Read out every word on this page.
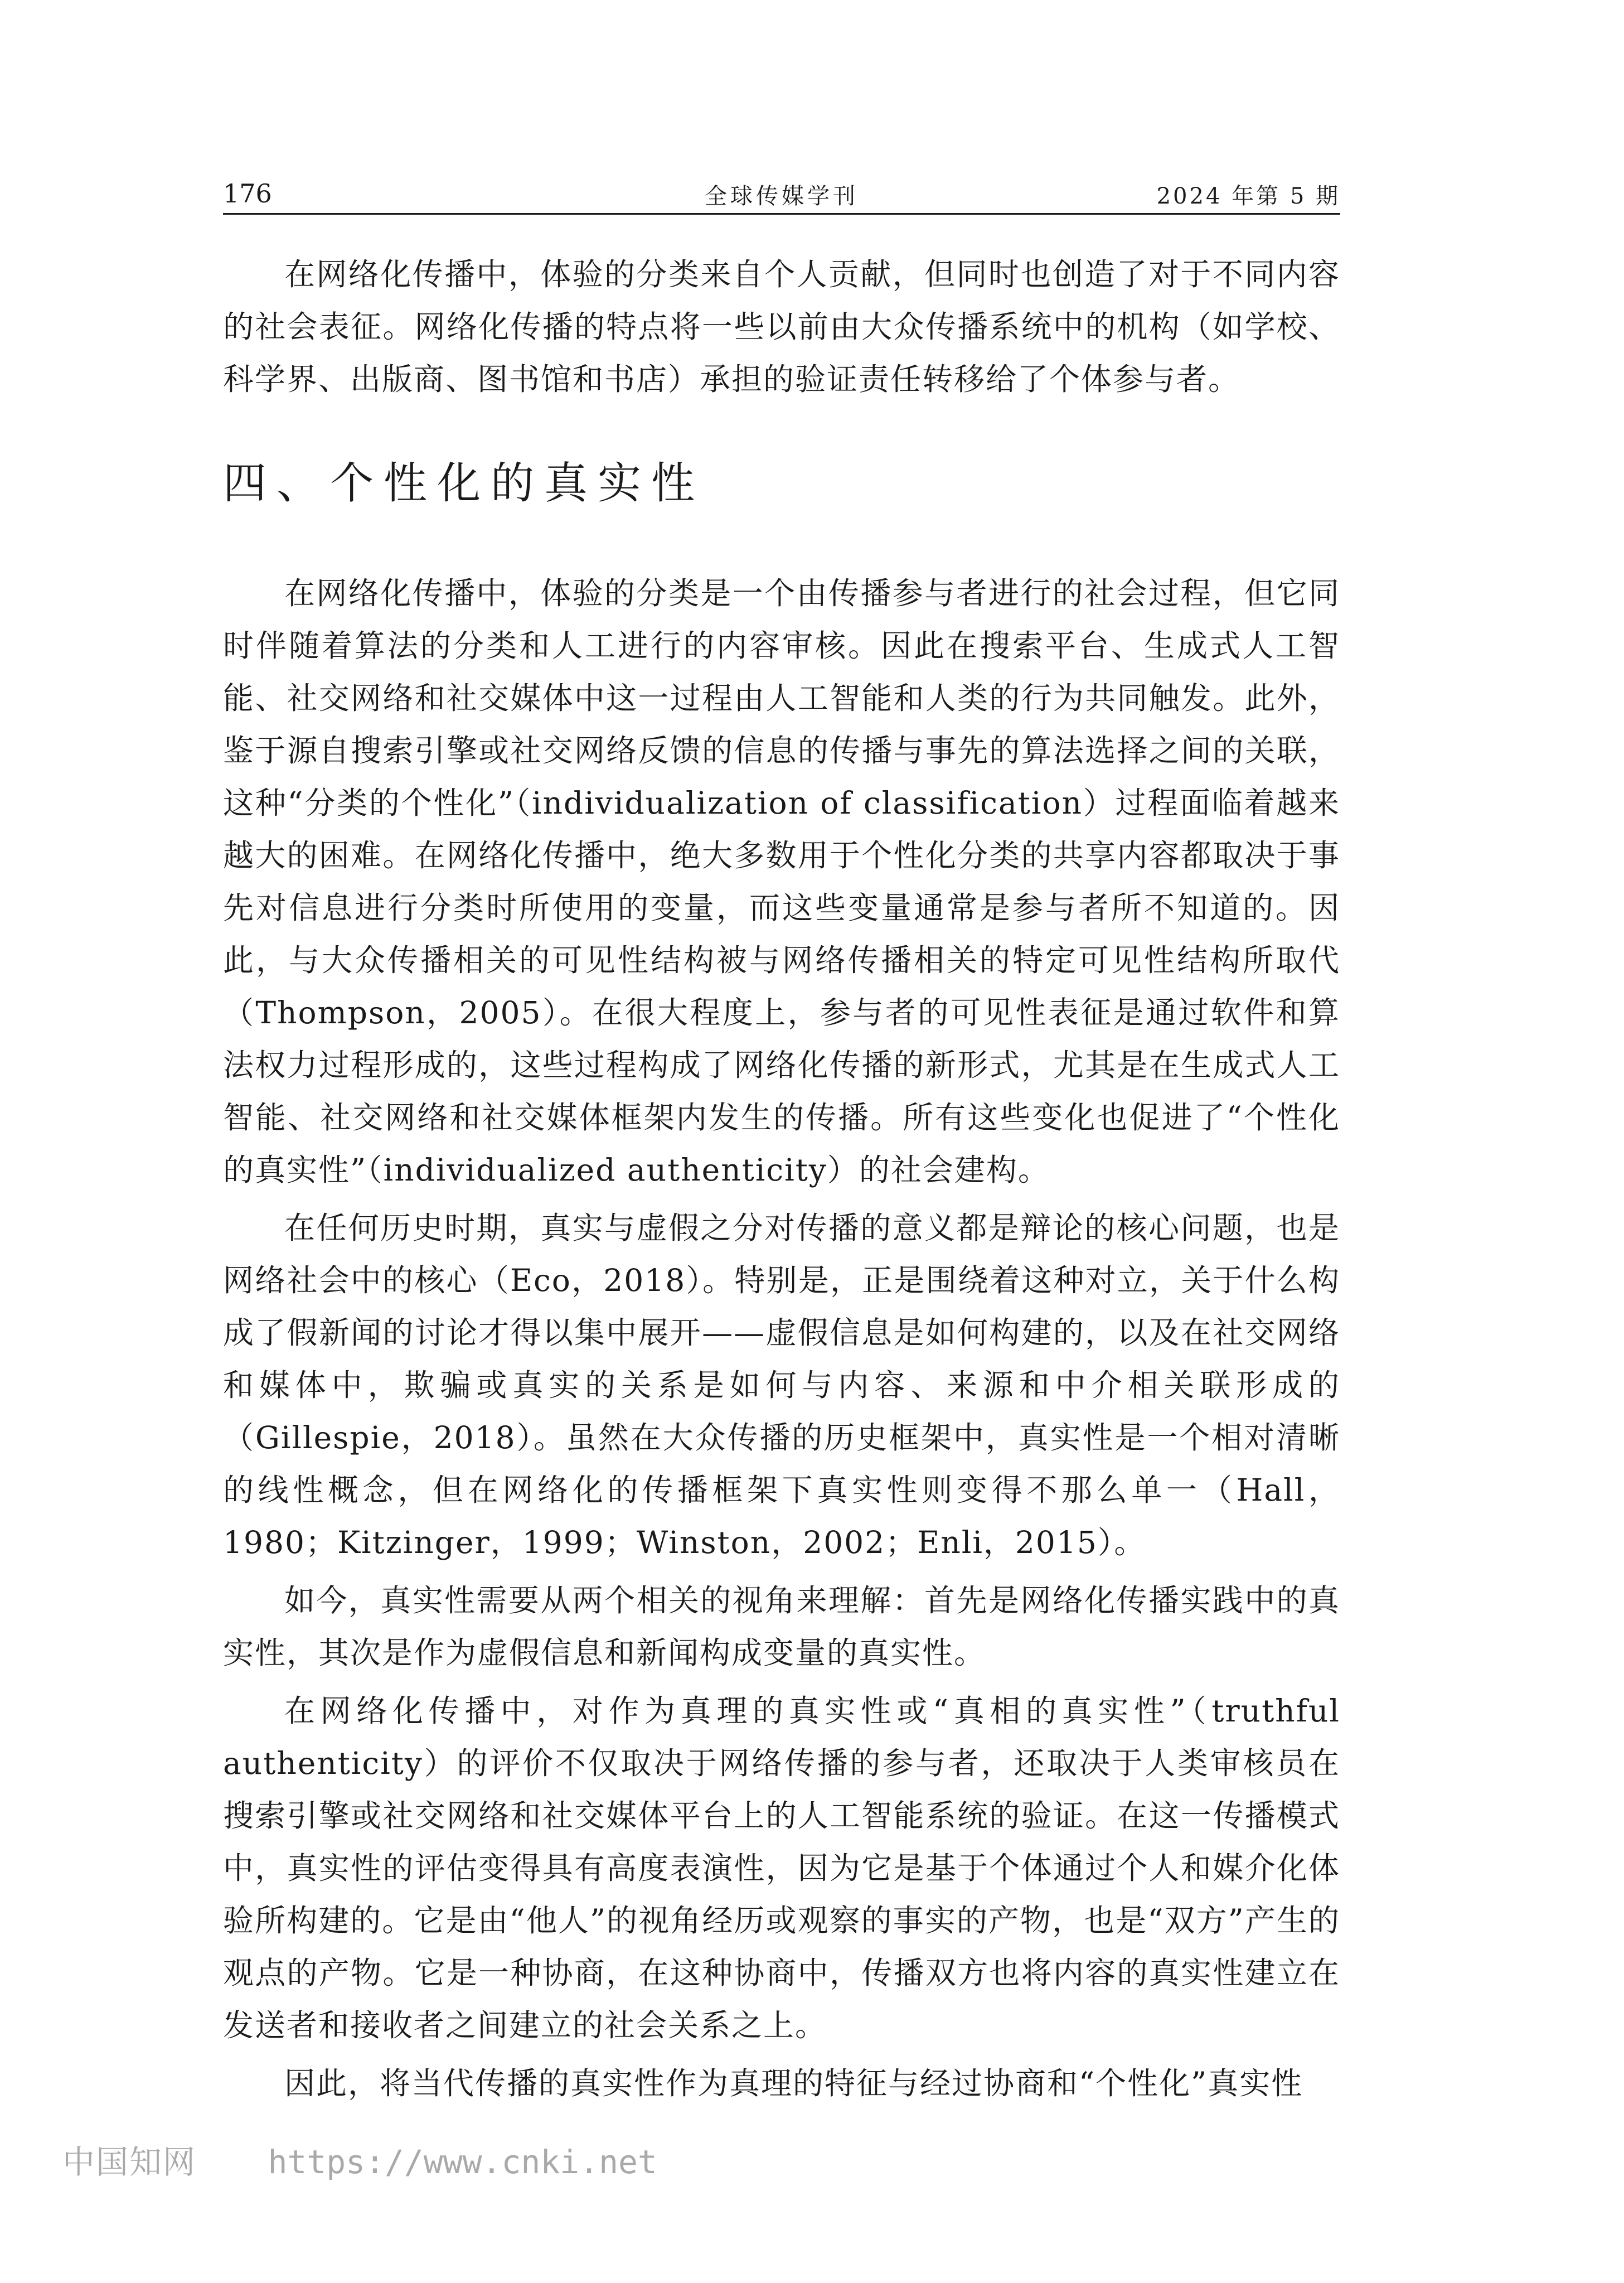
176	全球传媒学刊	2024 年第 5 期

在网络化传播中，体验的分类来自个人贡献，但同时也创造了对于不同内容的社会表征。网络化传播的特点将一些以前由大众传播系统中的机构（如学校、科学界、出版商、图书馆和书店）承担的验证责任转移给了个体参与者。

四、个性化的真实性

在网络化传播中，体验的分类是一个由传播参与者进行的社会过程，但它同时伴随着算法的分类和人工进行的内容审核。因此在搜索平台、生成式人工智能、社交网络和社交媒体中这一过程由人工智能和人类的行为共同触发。此外，鉴于源自搜索引擎或社交网络反馈的信息的传播与事先的算法选择之间的关联，这种“分类的个性化”（individualization of classification）过程面临着越来越大的困难。在网络化传播中，绝大多数用于个性化分类的共享内容都取决于事先对信息进行分类时所使用的变量，而这些变量通常是参与者所不知道的。因此，与大众传播相关的可见性结构被与网络传播相关的特定可见性结构所取代（Thompson，2005）。在很大程度上，参与者的可见性表征是通过软件和算法权力过程形成的，这些过程构成了网络化传播的新形式，尤其是在生成式人工智能、社交网络和社交媒体框架内发生的传播。所有这些变化也促进了“个性化的真实性”（individualized authenticity）的社会建构。

在任何历史时期，真实与虚假之分对传播的意义都是辩论的核心问题，也是网络社会中的核心（Eco，2018）。特别是，正是围绕着这种对立，关于什么构成了假新闻的讨论才得以集中展开——虚假信息是如何构建的，以及在社交网络和媒体中，欺骗或真实的关系是如何与内容、来源和中介相关联形成的（Gillespie，2018）。虽然在大众传播的历史框架中，真实性是一个相对清晰的线性概念，但在网络化的传播框架下真实性则变得不那么单一（Hall，1980；Kitzinger，1999；Winston，2002；Enli，2015）。

如今，真实性需要从两个相关的视角来理解：首先是网络化传播实践中的真实性，其次是作为虚假信息和新闻构成变量的真实性。

在网络化传播中，对作为真理的真实性或“真相的真实性”（truthful authenticity）的评价不仅取决于网络传播的参与者，还取决于人类审核员在搜索引擎或社交网络和社交媒体平台上的人工智能系统的验证。在这一传播模式中，真实性的评估变得具有高度表演性，因为它是基于个体通过个人和媒介化体验所构建的。它是由“他人”的视角经历或观察的事实的产物，也是“双方”产生的观点的产物。它是一种协商，在这种协商中，传播双方也将内容的真实性建立在发送者和接收者之间建立的社会关系之上。

因此，将当代传播的真实性作为真理的特征与经过协商和“个性化”真实性

中国知网 https://www.cnki.net
